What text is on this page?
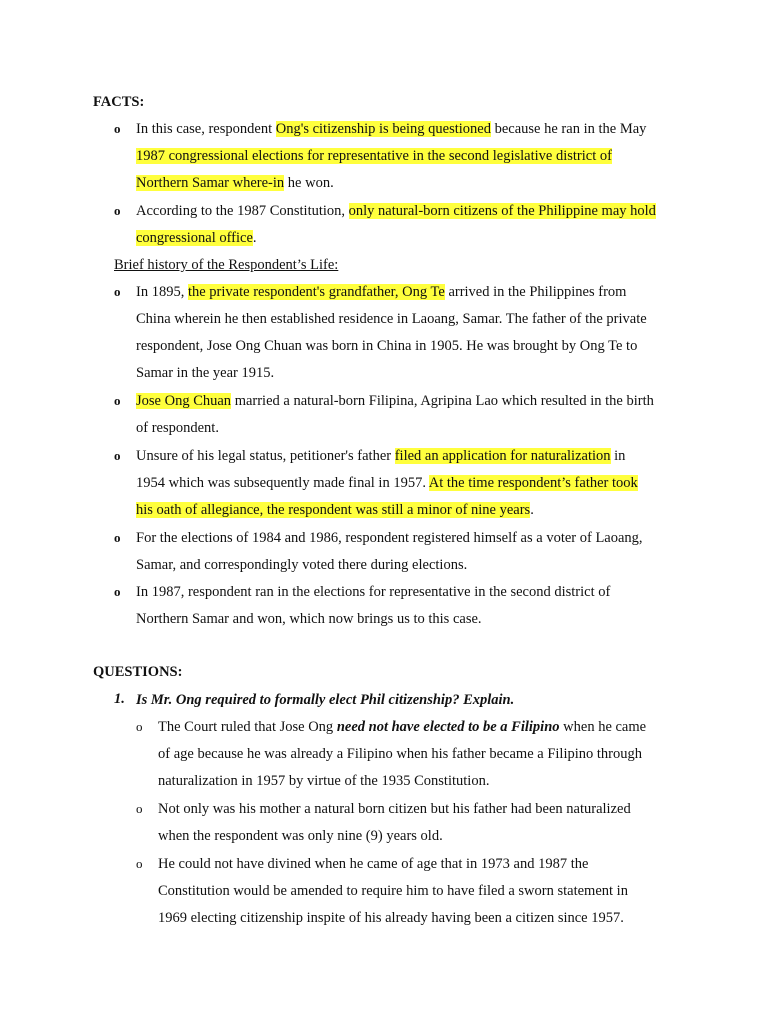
FACTS:
o In this case, respondent Ong's citizenship is being questioned because he ran in the May
1987 congressional elections for representative in the second legislative district of
Northern Samar where-in he won.
o According to the 1987 Constitution, only natural-born citizens of the Philippine may hold
congressional office.
Brief history of the Respondent’s Life:
o In 1895, the private respondent's grandfather, Ong Te arrived in the Philippines from
China wherein he then established residence in Laoang, Samar. The father of the private
respondent, Jose Ong Chuan was born in China in 1905. He was brought by Ong Te to
Samar in the year 1915.
o Jose Ong Chuan married a natural-born Filipina, Agripina Lao which resulted in the birth
of respondent.
o Unsure of his legal status, petitioner's father filed an application for naturalization in
1954 which was subsequently made final in 1957. At the time respondent’s father took
his oath of allegiance, the respondent was still a minor of nine years.
o For the elections of 1984 and 1986, respondent registered himself as a voter of Laoang,
Samar, and correspondingly voted there during elections.
o In 1987, respondent ran in the elections for representative in the second district of
Northern Samar and won, which now brings us to this case.
QUESTIONS:
1. Is Mr. Ong required to formally elect Phil citizenship? Explain.
o The Court ruled that Jose Ong need not have elected to be a Filipino when he came
of age because he was already a Filipino when his father became a Filipino through
naturalization in 1957 by virtue of the 1935 Constitution.
o Not only was his mother a natural born citizen but his father had been naturalized
when the respondent was only nine (9) years old.
o He could not have divined when he came of age that in 1973 and 1987 the
Constitution would be amended to require him to have filed a sworn statement in
1969 electing citizenship inspite of his already having been a citizen since 1957.
